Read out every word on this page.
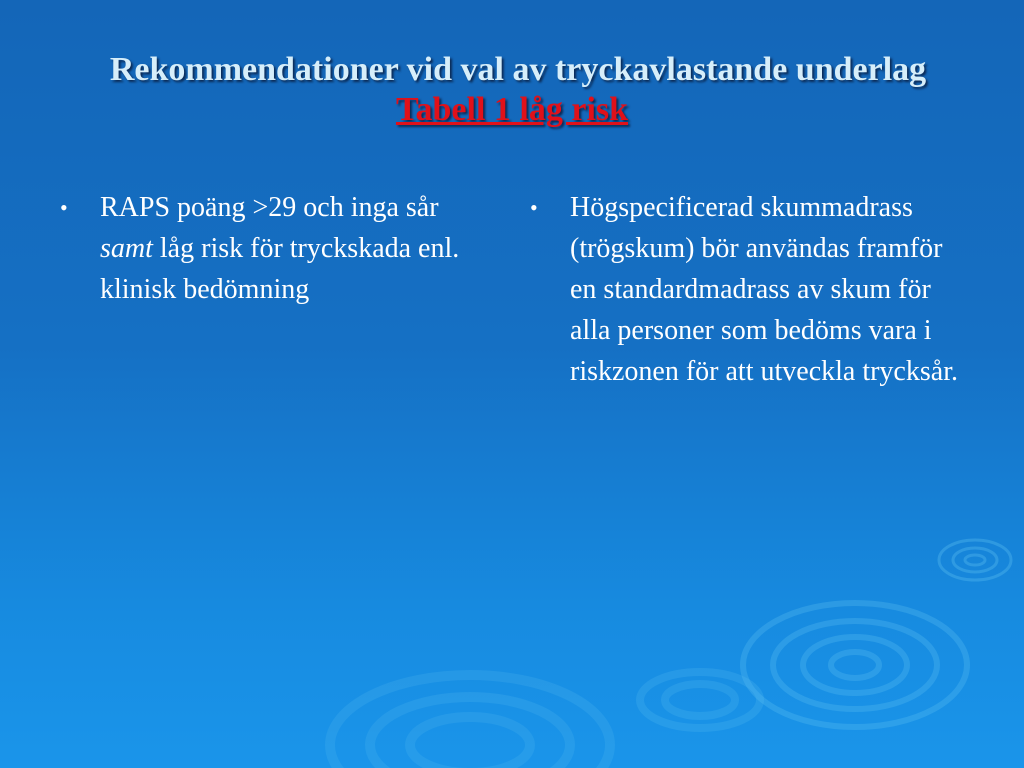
Rekommendationer vid val av tryckavlastande underlag
Tabell 1 låg risk
• RAPS poäng >29 och inga sår samt låg risk för tryckskada enl. klinisk bedömning
• Högspecificerad skummadrass (trögskum) bör användas framför en standardmadrass av skum för alla personer som bedöms vara i riskzonen för att utveckla trycksår.
